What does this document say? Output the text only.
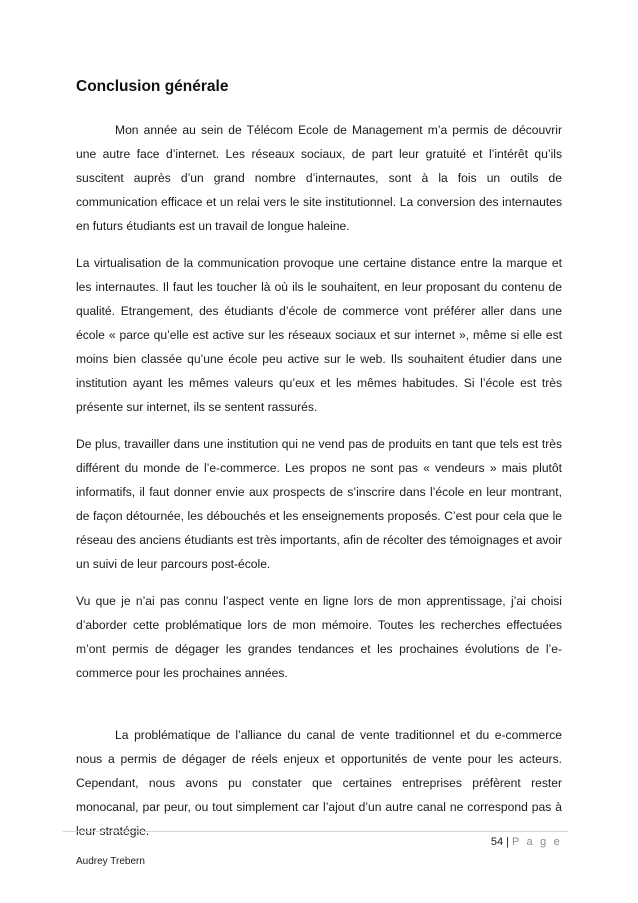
Conclusion générale

Mon année au sein de Télécom Ecole de Management m’a permis de découvrir une autre face d’internet. Les réseaux sociaux, de part leur gratuité et l’intérêt qu’ils suscitent auprès d’un grand nombre d’internautes, sont à la fois un outils de communication efficace et un relai vers le site institutionnel. La conversion des internautes en futurs étudiants est un travail de longue haleine.

La virtualisation de la communication provoque une certaine distance entre la marque et les internautes. Il faut les toucher là où ils le souhaitent, en leur proposant du contenu de qualité. Etrangement, des étudiants d’école de commerce vont préférer aller dans une école « parce qu’elle est active sur les réseaux sociaux et sur internet », même si elle est moins bien classée qu’une école peu active sur le web. Ils souhaitent étudier dans une institution ayant les mêmes valeurs qu’eux et les mêmes habitudes. Si l’école est très présente sur internet, ils se sentent rassurés.

De plus, travailler dans une institution qui ne vend pas de produits en tant que tels est très différent du monde de l’e-commerce. Les propos ne sont pas « vendeurs » mais plutôt informatifs, il faut donner envie aux prospects de s’inscrire dans l’école en leur montrant, de façon détournée, les débouchés et les enseignements proposés. C’est pour cela que le réseau des anciens étudiants est très importants, afin de récolter des témoignages et avoir un suivi de leur parcours post-école.

Vu que je n’ai pas connu l’aspect vente en ligne lors de mon apprentissage, j’ai choisi d’aborder cette problématique lors de mon mémoire. Toutes les recherches effectuées m’ont permis de dégager les grandes tendances et les prochaines évolutions de l’e-commerce pour les prochaines années.

La problématique de l’alliance du canal de vente traditionnel et du e-commerce nous a permis de dégager de réels enjeux et opportunités de vente pour les acteurs. Cependant, nous avons pu constater que certaines entreprises préfèrent rester monocanal, par peur, ou tout simplement car l’ajout d’un autre canal ne correspond pas à leur stratégie.

54 | P a g e
Audrey Trebern
